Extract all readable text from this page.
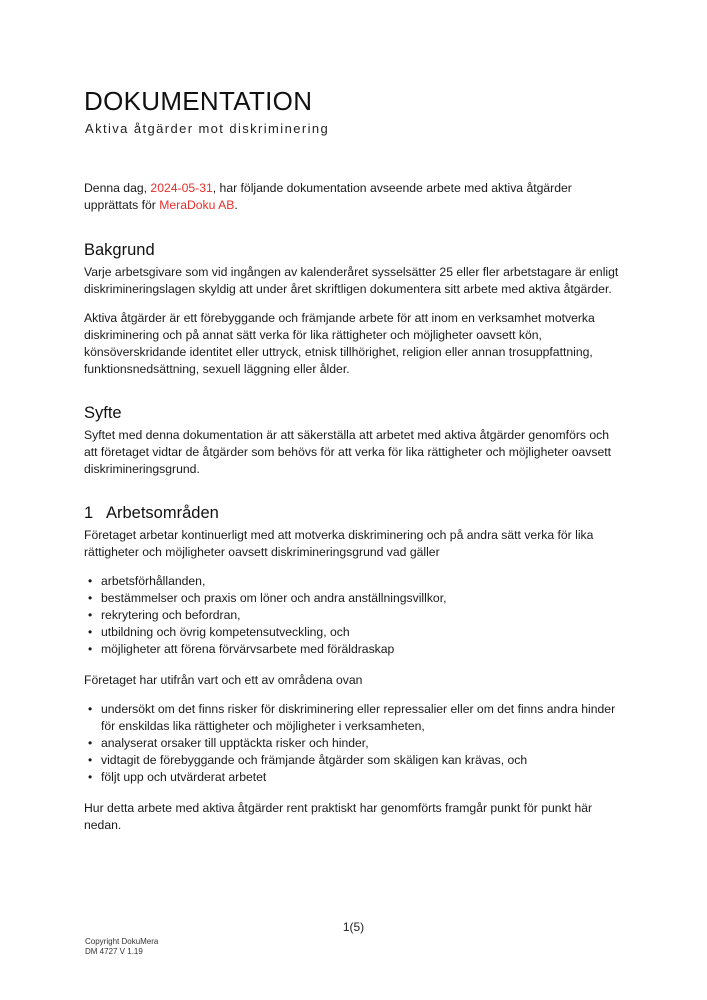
DOKUMENTATION
Aktiva åtgärder mot diskriminering

Denna dag, 2024-05-31, har följande dokumentation avseende arbete med aktiva åtgärder upprättats för MeraDoku AB.

Bakgrund

Varje arbetsgivare som vid ingången av kalenderåret sysselsätter 25 eller fler arbetstagare är enligt diskrimineringslagen skyldig att under året skriftligen dokumentera sitt arbete med aktiva åtgärder.

Aktiva åtgärder är ett förebyggande och främjande arbete för att inom en verksamhet motverka diskriminering och på annat sätt verka för lika rättigheter och möjligheter oavsett kön, könsöverskridande identitet eller uttryck, etnisk tillhörighet, religion eller annan trosuppfattning, funktionsnedsättning, sexuell läggning eller ålder.

Syfte

Syftet med denna dokumentation är att säkerställa att arbetet med aktiva åtgärder genomförs och att företaget vidtar de åtgärder som behövs för att verka för lika rättigheter och möjligheter oavsett diskrimineringsgrund.

1 Arbetsområden

Företaget arbetar kontinuerligt med att motverka diskriminering och på andra sätt verka för lika rättigheter och möjligheter oavsett diskrimineringsgrund vad gäller

• arbetsförhållanden,
• bestämmelser och praxis om löner och andra anställningsvillkor,
• rekrytering och befordran,
• utbildning och övrig kompetensutveckling, och
• möjligheter att förena förvärvsarbete med föräldraskap

Företaget har utifrån vart och ett av områdena ovan

• undersökt om det finns risker för diskriminering eller repressalier eller om det finns andra hinder för enskildas lika rättigheter och möjligheter i verksamheten,
• analyserat orsaker till upptäckta risker och hinder,
• vidtagit de förebyggande och främjande åtgärder som skäligen kan krävas, och
• följt upp och utvärderat arbetet

Hur detta arbete med aktiva åtgärder rent praktiskt har genomförts framgår punkt för punkt här nedan.

1(5)
Copyright DokuMera
DM 4727 V 1.19
